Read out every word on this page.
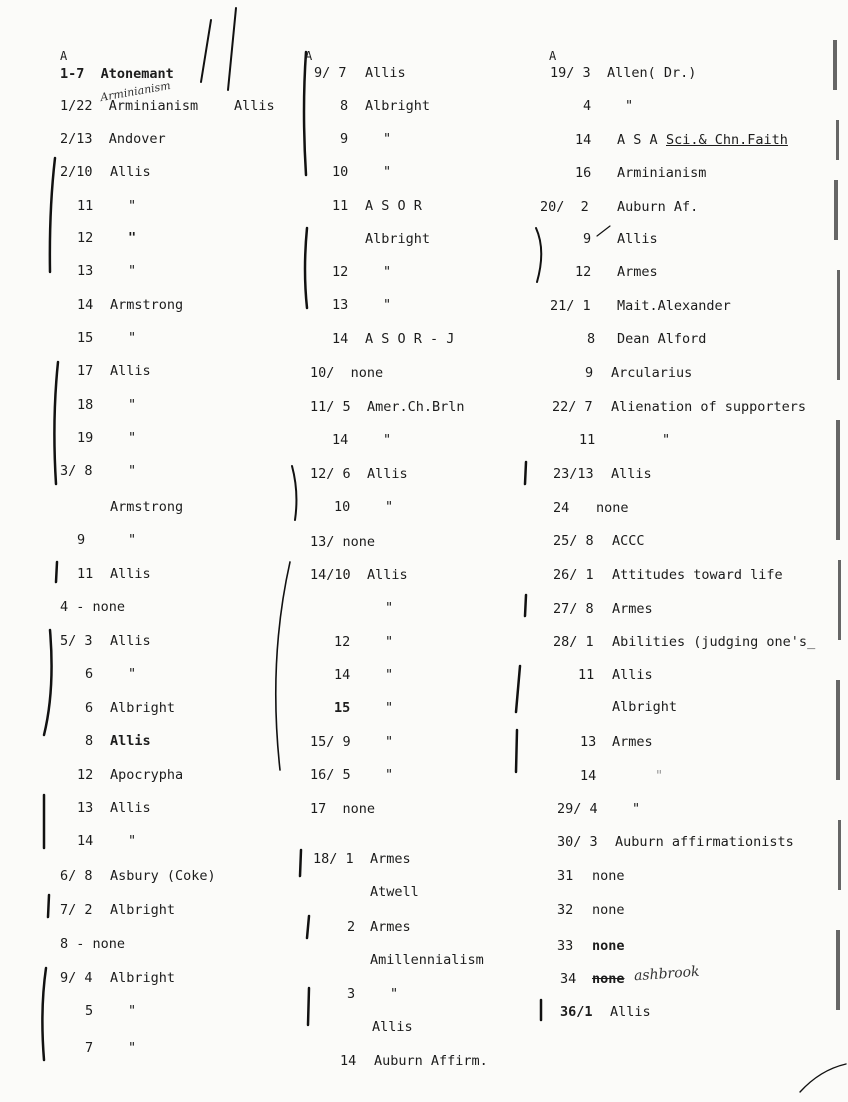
A	A	A
1-7  Atonemant
Arminianism
1/22  Arminianism	Allis
2/13  Andover
2/10 Allis
11	"
12	"
13	"
14 Armstrong
15	"
17 Allis
18	"
19	"
3/ 8	"
Armstrong
9	"
11 Allis
4 - none
5/ 3 Allis
6	"
6 Albright
8 Allis
12 Apocrypha
13 Allis
14	"
6/ 8 Asbury (Coke)
7/ 2 Albright
8 - none
9/ 4 Albright
5	"
7	"
9/ 7 Allis
8 Albright
9	"
10	"
11 A S O R
Albright
12	"
13	"
14 A S O R - J
10/  none
11/ 5 Amer.Ch.Brln
14	"
12/ 6 Allis
10	"
13/ none
14/10 Allis
"
12	"
14	"
15	"
15/ 9	"
16/ 5	"
17  none
18/ 1 Armes
Atwell
2 Armes
Amillennialism
3	"
Allis
14 Auburn Affirm.
19/ 3 Allen( Dr.)
4	"
14 A S A Sci.& Chn.Faith
16 Arminianism
20/  2 Auburn Af.
9 Allis
12 Armes
21/ 1 Mait.Alexander
8 Dean Alford
9 Arcularius
22/ 7 Alienation of supporters
11	"
23/13 Allis
24 none
25/ 8 ACCC
26/ 1 Attitudes toward life
27/ 8 Armes
28/ 1 Abilities (judging one's_
11 Allis
Albright
13 Armes
14	"
29/ 4	"
30/ 3 Auburn affirmationists
31 none
32 none
33 none
34 none ashbrook
36/1 Allis
